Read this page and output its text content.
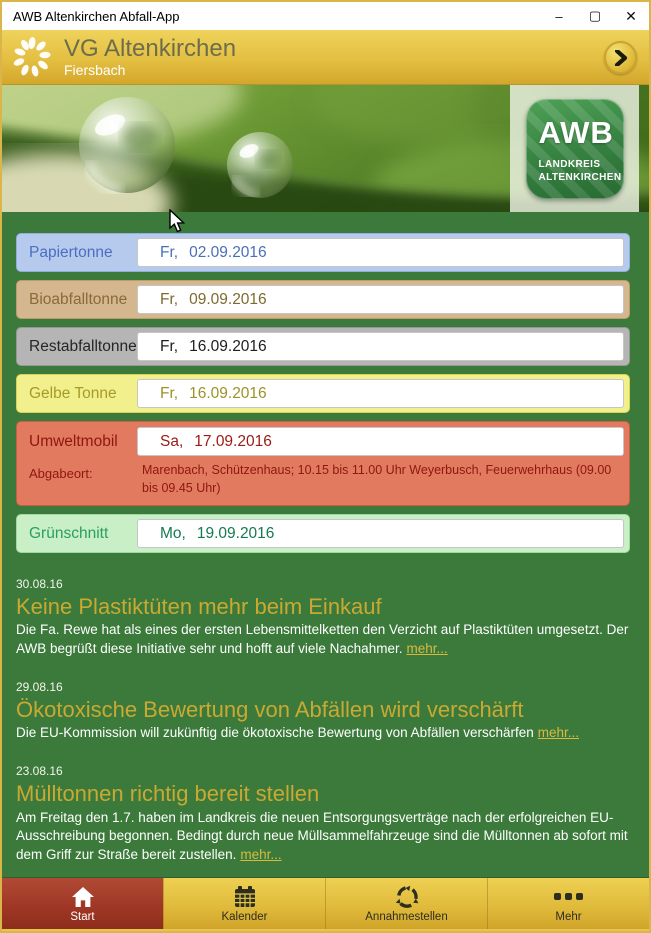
AWB Altenkirchen Abfall-App	–	▢	✕
VG Altenkirchen
Fiersbach
AWB
LANDKREIS
ALTENKIRCHEN
Papiertonne	Fr, 02.09.2016
Bioabfalltonne	Fr, 09.09.2016
Restabfalltonne Fr, 16.09.2016
Gelbe Tonne	Fr, 16.09.2016
Umweltmobil	Sa, 17.09.2016
Abgabeort:	Marenbach, Schützenhaus; 10.15 bis 11.00 Uhr Weyerbusch, Feuerwehrhaus (09.00 bis 09.45 Uhr)
Grünschnitt	Mo, 19.09.2016
30.08.16
Keine Plastiktüten mehr beim Einkauf
Die Fa. Rewe hat als eines der ersten Lebensmittelketten den Verzicht auf Plastiktüten umgesetzt. Der AWB begrüßt diese Initiative sehr und hofft auf viele Nachahmer. mehr...
29.08.16
Ökotoxische Bewertung von Abfällen wird verschärft
Die EU-Kommission will zukünftig die ökotoxische Bewertung von Abfällen verschärfen mehr...
23.08.16
Mülltonnen richtig bereit stellen
Am Freitag den 1.7. haben im Landkreis die neuen Entsorgungsverträge nach der erfolgreichen EU-Ausschreibung begonnen. Bedingt durch neue Müllsammelfahrzeuge sind die Mülltonnen ab sofort mit dem Griff zur Straße bereit zustellen. mehr...
Start	Kalender	Annahmestellen	Mehr
